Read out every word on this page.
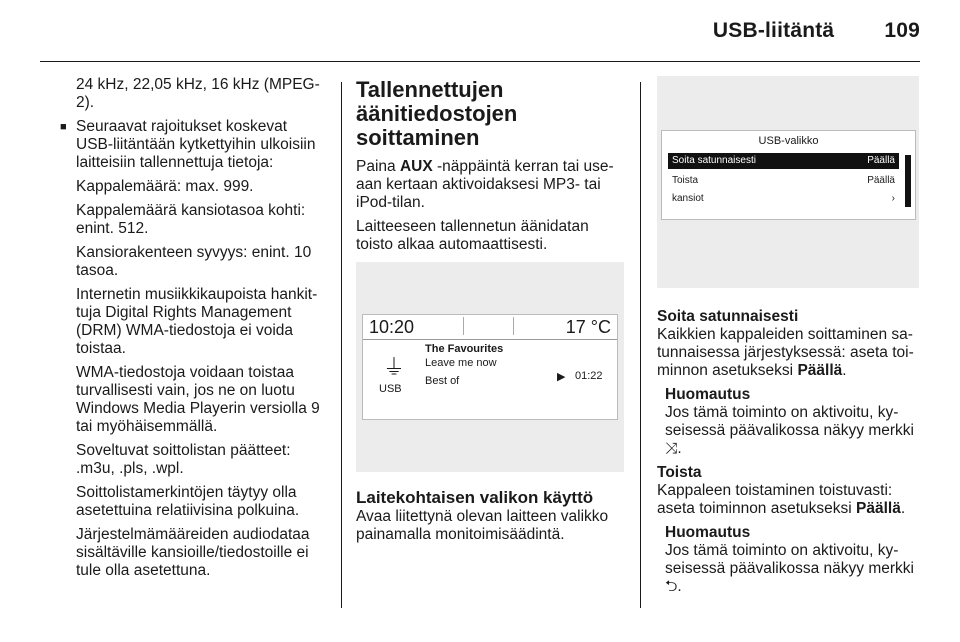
USB-liitäntä 109

24 kHz, 22,05 kHz, 16 kHz (MPEG-2).

■ Seuraavat rajoitukset koskevat USB-liitäntään kytkettyihin ulkoisiin laitteisiin tallennettuja tietoja:

Kappalemäärä: max. 999.

Kappalemäärä kansiotasoa kohti: enint. 512.

Kansiorakenteen syvyys: enint. 10 tasoa.

Internetin musiikkikaupoista hankittuja Digital Rights Management (DRM) WMA-tiedostoja ei voida toistaa.

WMA-tiedostoja voidaan toistaa turvallisesti vain, jos ne on luotu Windows Media Playerin versiolla 9 tai myöhäisemmällä.

Soveltuvat soittolistan päätteet: .m3u, .pls, .wpl.

Soittolistamerkintöjen täytyy olla asetettuina relatiivisina polkuina.

Järjestelmämääreiden audiodataa sisältäville kansioille/tiedostoille ei tule olla asetettuna.

Tallennettujen äänitiedostojen soittaminen

Paina AUX -näppäintä kerran tai useaan kertaan aktivoidaksesi MP3- tai iPod-tilan.

Laitteeseen tallennetun äänidatan toisto alkaa automaattisesti.

10:20	17 °C
⏚
USB
The Favourites
Leave me now
Best of	▶ 01:22
Laitekohtaisen valikon käyttö

Avaa liitettynä olevan laitteen valikko painamalla monitoimisäädintä.

USB-valikko
Soita satunnaisesti	Päällä
Toista	Päällä
kansiot	›
Soita satunnaisesti

Kaikkien kappaleiden soittaminen satunnaisessa järjestyksessä: aseta toiminnon asetukseksi Päällä.

Huomautus

Jos tämä toiminto on aktivoitu, kyseisessä päävalikossa näkyy merkki ⤨.

Toista

Kappaleen toistaminen toistuvasti: aseta toiminnon asetukseksi Päällä.

Huomautus

Jos tämä toiminto on aktivoitu, kyseisessä päävalikossa näkyy merkki ⮌.
